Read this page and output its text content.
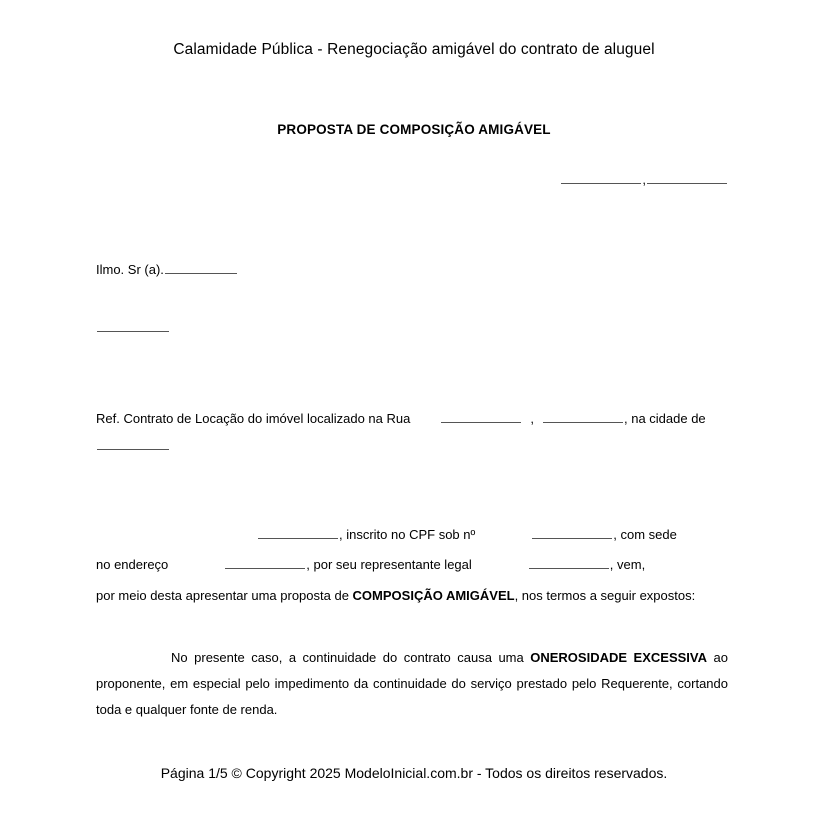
Calamidade Pública - Renegociação amigável do contrato de aluguel
PROPOSTA DE COMPOSIÇÃO AMIGÁVEL
,
Ilmo. Sr (a).
Ref. Contrato de Locação do imóvel localizado na Rua	,	, na cidade de
, inscrito no CPF sob nº	, com sede
no endereço	, por seu representante legal	, vem,
por meio desta apresentar uma proposta de COMPOSIÇÃO AMIGÁVEL, nos termos a seguir expostos:
No presente caso, a continuidade do contrato causa uma ONEROSIDADE EXCESSIVA ao proponente, em especial pelo impedimento da continuidade do serviço prestado pelo Requerente, cortando toda e qualquer fonte de renda.
Página 1/5 © Copyright 2025 ModeloInicial.com.br - Todos os direitos reservados.
